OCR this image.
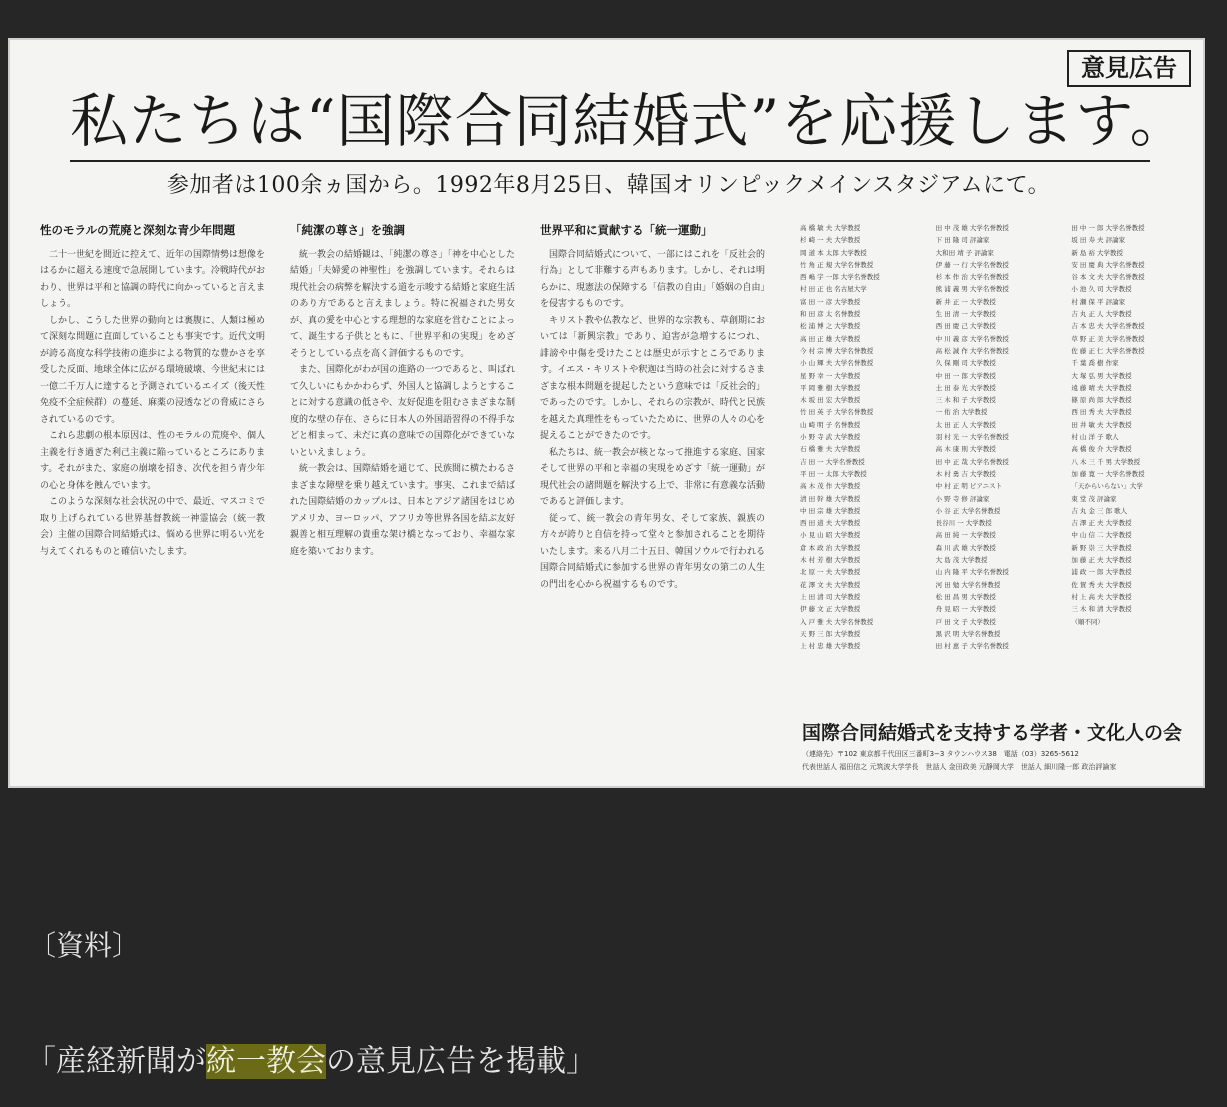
意見広告
私たちは“国際合同結婚式”を応援します。
参加者は100余ヵ国から。1992年8月25日、韓国オリンピックメインスタジアムにて。
性のモラルの荒廃と深刻な青少年問題

二十一世紀を間近に控えて、近年の国際情勢は想像をはるかに超える速度で急展開しています。冷戦時代がおわり、世界は平和と協調の時代に向かっていると言えましょう。

しかし、こうした世界の動向とは裏腹に、人類は極めて深刻な問題に直面していることも事実です。近代文明が誇る高度な科学技術の進歩による物質的な豊かさを享受した反面、地球全体に広がる環境破壊、今世紀末には一億二千万人に達すると予測されているエイズ（後天性免疫不全症候群）の蔓延、麻薬の浸透などの脅威にさらされているのです。

これら悲劇の根本原因は、性のモラルの荒廃や、個人主義を行き過ぎた利己主義に陥っているところにあります。それがまた、家庭の崩壊を招き、次代を担う青少年の心と身体を蝕んでいます。

このような深刻な社会状況の中で、最近、マスコミで取り上げられている世界基督教統一神霊協会（統一教会）主催の国際合同結婚式は、悩める世界に明るい光を与えてくれるものと確信いたします。

「純潔の尊さ」を強調

統一教会の結婚観は、「純潔の尊さ」「神を中心とした結婚」「夫婦愛の神聖性」を強調しています。それらは現代社会の病弊を解決する道を示唆する結婚と家庭生活のあり方であると言えましょう。特に祝福された男女が、真の愛を中心とする理想的な家庭を営むことによって、誕生する子供とともに、「世界平和の実現」をめざそうとしている点を高く評価するものです。

また、国際化がわが国の進路の一つであると、叫ばれて久しいにもかかわらず、外国人と協調しようとすることに対する意識の低さや、友好促進を阻むさまざまな制度的な壁の存在、さらに日本人の外国語習得の不得手などと相まって、未だに真の意味での国際化ができていないといえましょう。

統一教会は、国際結婚を通じて、民族間に横たわるさまざまな障壁を乗り越えています。事実、これまで結ばれた国際結婚のカップルは、日本とアジア諸国をはじめアメリカ、ヨーロッパ、アフリカ等世界各国を結ぶ友好親善と相互理解の貴重な架け橋となっており、幸福な家庭を築いております。

世界平和に貢献する「統一運動」

国際合同結婚式について、一部にはこれを「反社会的行為」として非難する声もあります。しかし、それは明らかに、現憲法の保障する「信教の自由」「婚姻の自由」を侵害するものです。

キリスト教や仏教など、世界的な宗教も、草創期においては「新興宗教」であり、迫害が急増するにつれ、誹謗や中傷を受けたことは歴史が示すところであります。イエス・キリストや釈迦は当時の社会に対するさまざまな根本問題を提起したという意味では「反社会的」であったのです。しかし、それらの宗教が、時代と民族を越えた真理性をもっていたために、世界の人々の心を捉えることができたのです。

私たちは、統一教会が核となって推進する家庭、国家そして世界の平和と幸福の実現をめざす「統一運動」が現代社会の諸問題を解決する上で、非常に有意義な活動であると評価します。

従って、統一教会の青年男女、そして家族、親族の方々が誇りと自信を持って堂々と参加されることを期待いたします。来る八月二十五日、韓国ソウルで行われる国際合同結婚式に参加する世界の青年男女の第二の人生の門出を心から祝福するものです。

高 橋 敏 夫 大学教授
杉 崎 一 夫 大学教授
岡 道 本 太郎 大学教授
竹 角 正 規 大学名誉教授
西 嶋 宇 一郎 大学名誉教授
村 田 正 也 名古屋大学
富 田 一 彦 大学教授
和 田 彦 太 名誉教授
松 浦 博 之 大学教授
高 田 正 雄 大学教授
今 村 宗 博 大学名誉教授
小 山 輝 夫 大学名誉教授
星 野 幸 一 大学教授
平 岡 雅 樹 大学教授
木 坂 田 宏 大学教授
竹 田 英 子 大学名誉教授
山 崎 明 子 名誉教授
小 野 寺 武 大学教授
石 橋 雅 夫 大学教授
吉 田 一 大学名誉教授
平 田 一 太郎 大学教授
高 木 茂 作 大学教授
清 田 幹 雄 大学教授
中 田 宗 雄 大学教授
西 田 道 夫 大学教授
小 見 山 昭 大学教授
倉 本 政 治 大学教授
木 村 芳 樹 大学教授
北 原 一 夫 大学教授
花 澤 文 夫 大学教授
上 田 清 司 大学教授
伊 藤 文 正 大学教授
入 戸 雅 夫 大学名誉教授
天 野 三 郎 大学教授
上 村 忠 雄 大学教授
田 中 茂 雄 大学名誉教授
下 田 隆 司 評論家
大和田 靖 子 評論家
伊 藤 一 行 大学名誉教授
杉 本 作 治 大学名誉教授
熊 浦 義 男 大学名誉教授
新 井 正 一 大学教授
生 田 清 一 大学教授
西 田 慶 己 大学教授
中 川 義 彦 大学名誉教授
高 松 誠 作 大学名誉教授
久 保 剛 司 大学教授
中 田 一 郎 大学教授
土 田 泰 光 大学教授
三 木 和 子 大学教授
一 佑 治 大学教授
太 田 正 人 大学教授
羽 村 光 一 大学名誉教授
高 木 康 則 大学教授
田 中 正 哉 大学名誉教授
木 村 勇 吉 大学教授
中 村 正 明 ピアニスト
小 野 寺 修 評論家
小 谷 正 大学名誉教授
長谷川 一 大学教授
高 田 純 一 大学教授
森 川 武 雄 大学教授
大 島 茂 大学教授
山 内 隆 平 大学名誉教授
河 田 勉 大学名誉教授
松 田 昌 男 大学教授
舟 見 昭 一 大学教授
戸 田 文 子 大学教授
黒 沢 明 大学名誉教授
田 村 恵 子 大学名誉教授
田 中 一 郎 大学名誉教授
坂 田 寿 夫 評論家
新 島 裕 大学教授
安 田 慶 典 大学名誉教授
谷 本 文 夫 大学名誉教授
小 池 久 司 大学教授
村 瀬 保 平 評論家
吉 丸 正 人 大学教授
吉 本 忠 夫 大学名誉教授
草 野 正 美 大学名誉教授
佐 藤 正 仁 大学名誉教授
千 葉 喬 樹 作家
大 塚 弘 男 大学教授
遠 藤 晴 夫 大学教授
篠 原 尚 郎 大学教授
西 田 秀 夫 大学教授
田 井 敏 夫 大学教授
村 山 洋 子 歌人
高 橋 俊 介 大学教授
八 木 三 千 男 大学教授
加 藤 寛 一 大学名誉教授
「天からいらない」大学
東 堂 茂 評論家
吉 丸 金 三 郎 歌人
吉 澤 正 夫 大学教授
中 山 信 二 大学教授
新 野 崇 三 大学教授
加 藤 正 夫 大学教授
浦 政 一 郎 大学教授
佐 賀 秀 夫 大学教授
村 上 高 夫 大学教授
三 木 和 清 大学教授
（順不同）
国際合同結婚式を支持する学者・文化人の会
（連絡先）〒102 東京都千代田区三番町3−3 タウンハウス38　電話（03）3265-5612
代表世話人 福田信之 元筑波大学学長　世話人 金田政美 元静岡大学　世話人 細川隆一郎 政治評論家
〔資料〕
「産経新聞が統一教会の意見広告を掲載」
